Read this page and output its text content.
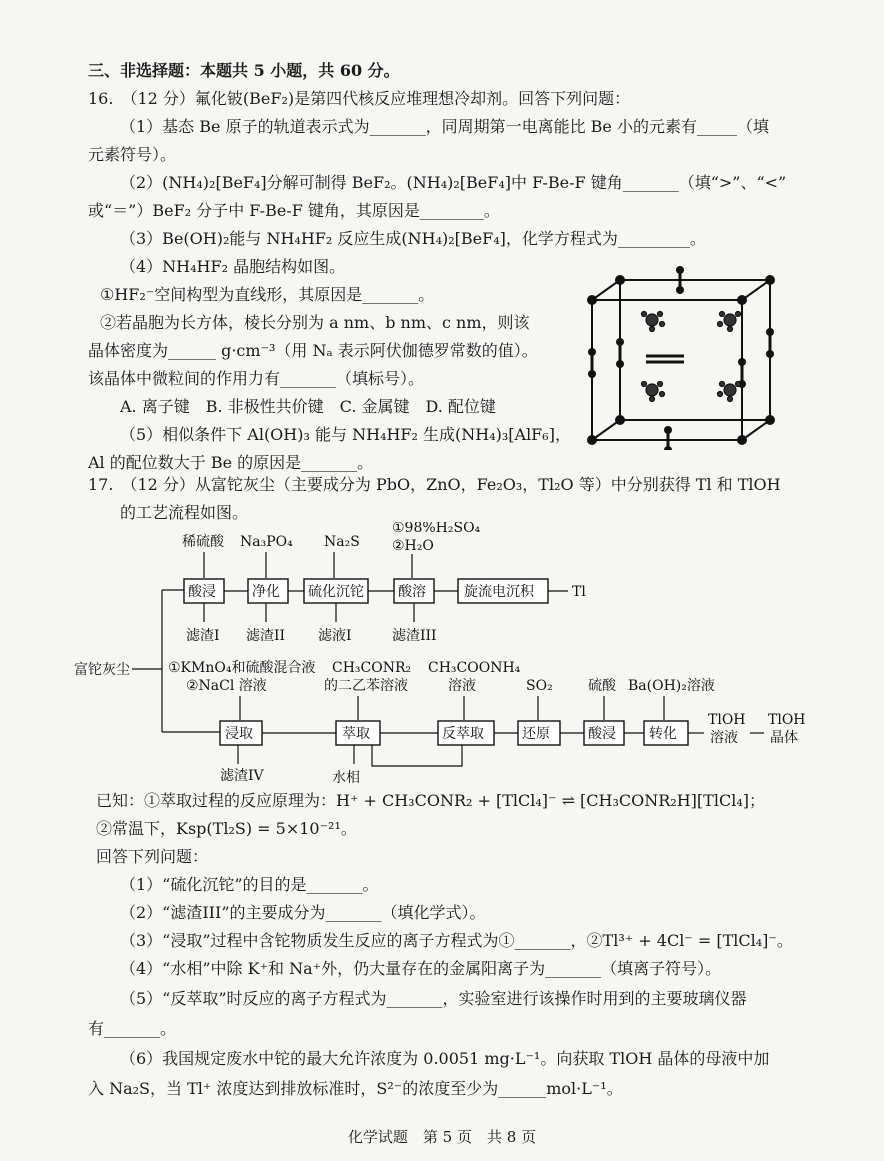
三、非选择题：本题共 5 小题，共 60 分。
16.　（12 分）氟化铍(BeF₂)是第四代核反应堆理想冷却剂。回答下列问题：
（1）基态 Be 原子的轨道表示式为_______，同周期第一电离能比 Be 小的元素有_____（填
元素符号）。
（2）(NH₄)₂[BeF₄]分解可制得 BeF₂。(NH₄)₂[BeF₄]中 F-Be-F 键角_______（填“>”、“<”
或“＝”）BeF₂ 分子中 F-Be-F 键角，其原因是________。
（3）Be(OH)₂能与 NH₄HF₂ 反应生成(NH₄)₂[BeF₄]，化学方程式为_________。
（4）NH₄HF₂ 晶胞结构如图。
①HF₂⁻空间构型为直线形，其原因是_______。
②若晶胞为长方体，棱长分别为 a nm、b nm、c nm，则该
晶体密度为______ g·cm⁻³（用 Nₐ 表示阿伏伽德罗常数的值）。
该晶体中微粒间的作用力有_______（填标号）。
A. 离子键　B. 非极性共价键　C. 金属键　D. 配位键
（5）相似条件下 Al(OH)₃ 能与 NH₄HF₂ 生成(NH₄)₃[AlF₆]，
Al 的配位数大于 Be 的原因是_______。
17.　（12 分）从富铊灰尘（主要成分为 PbO，ZnO，Fe₂O₃，Tl₂O 等）中分别获得 Tl 和 TlOH
的工艺流程如图。
富铊灰尘
稀硫酸 Na₃PO₄ Na₂S
①98%H₂SO₄
②H₂O
酸浸	净化 硫化沉铊 酸溶	旋流电沉积	Tl
滤渣I 滤渣II 滤液I	滤渣III
①KMnO₄和硫酸混合液
②NaCl 溶液
CH₃CONR₂
的二乙苯溶液
CH₃COONH₄
溶液	SO₂	硫酸 Ba(OH)₂溶液
浸取	萃取	反萃取	还原	酸浸 转化
TlOH
溶液
TlOH
晶体
滤渣IV	水相
已知：①萃取过程的反应原理为：H⁺ + CH₃CONR₂ + [TlCl₄]⁻ ⇌ [CH₃CONR₂H][TlCl₄]；
②常温下，Ksp(Tl₂S) = 5×10⁻²¹。
回答下列问题：
（1）“硫化沉铊”的目的是_______。
（2）“滤渣III”的主要成分为_______（填化学式）。
（3）“浸取”过程中含铊物质发生反应的离子方程式为①_______，②Tl³⁺ + 4Cl⁻ = [TlCl₄]⁻。
（4）“水相”中除 K⁺和 Na⁺外，仍大量存在的金属阳离子为_______（填离子符号）。
（5）“反萃取”时反应的离子方程式为_______，实验室进行该操作时用到的主要玻璃仪器
有_______。
（6）我国规定废水中铊的最大允许浓度为 0.0051 mg·L⁻¹。向获取 TlOH 晶体的母液中加
入 Na₂S，当 Tl⁺ 浓度达到排放标准时，S²⁻的浓度至少为______mol·L⁻¹。
化学试题　第 5 页　共 8 页
